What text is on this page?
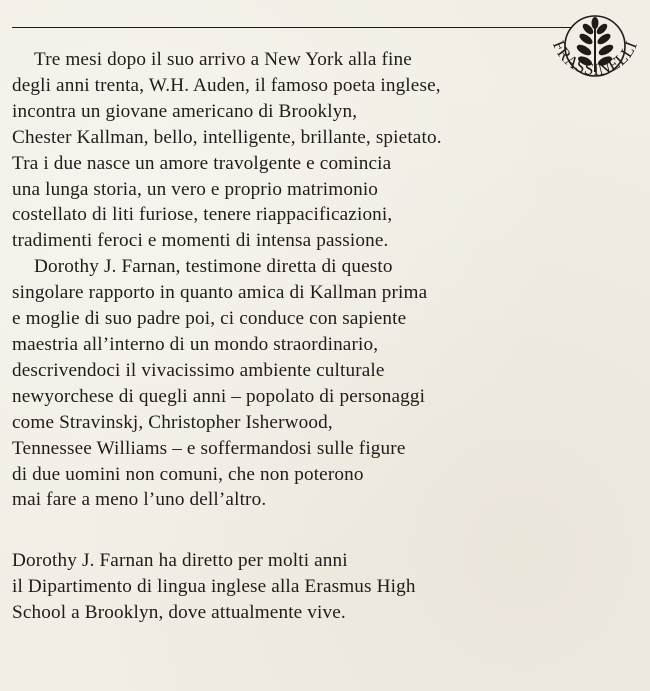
FRASSINELLI
Tre mesi dopo il suo arrivo a New York alla fine
degli anni trenta, W.H. Auden, il famoso poeta inglese,
incontra un giovane americano di Brooklyn,
Chester Kallman, bello, intelligente, brillante, spietato.
Tra i due nasce un amore travolgente e comincia
una lunga storia, un vero e proprio matrimonio
costellato di liti furiose, tenere riappacificazioni,
tradimenti feroci e momenti di intensa passione.
Dorothy J. Farnan, testimone diretta di questo
singolare rapporto in quanto amica di Kallman prima
e moglie di suo padre poi, ci conduce con sapiente
maestria all’interno di un mondo straordinario,
descrivendoci il vivacissimo ambiente culturale
newyorchese di quegli anni – popolato di personaggi
come Stravinskj, Christopher Isherwood,
Tennessee Williams – e soffermandosi sulle figure
di due uomini non comuni, che non poterono
mai fare a meno l’uno dell’altro.
Dorothy J. Farnan ha diretto per molti anni
il Dipartimento di lingua inglese alla Erasmus High
School a Brooklyn, dove attualmente vive.
